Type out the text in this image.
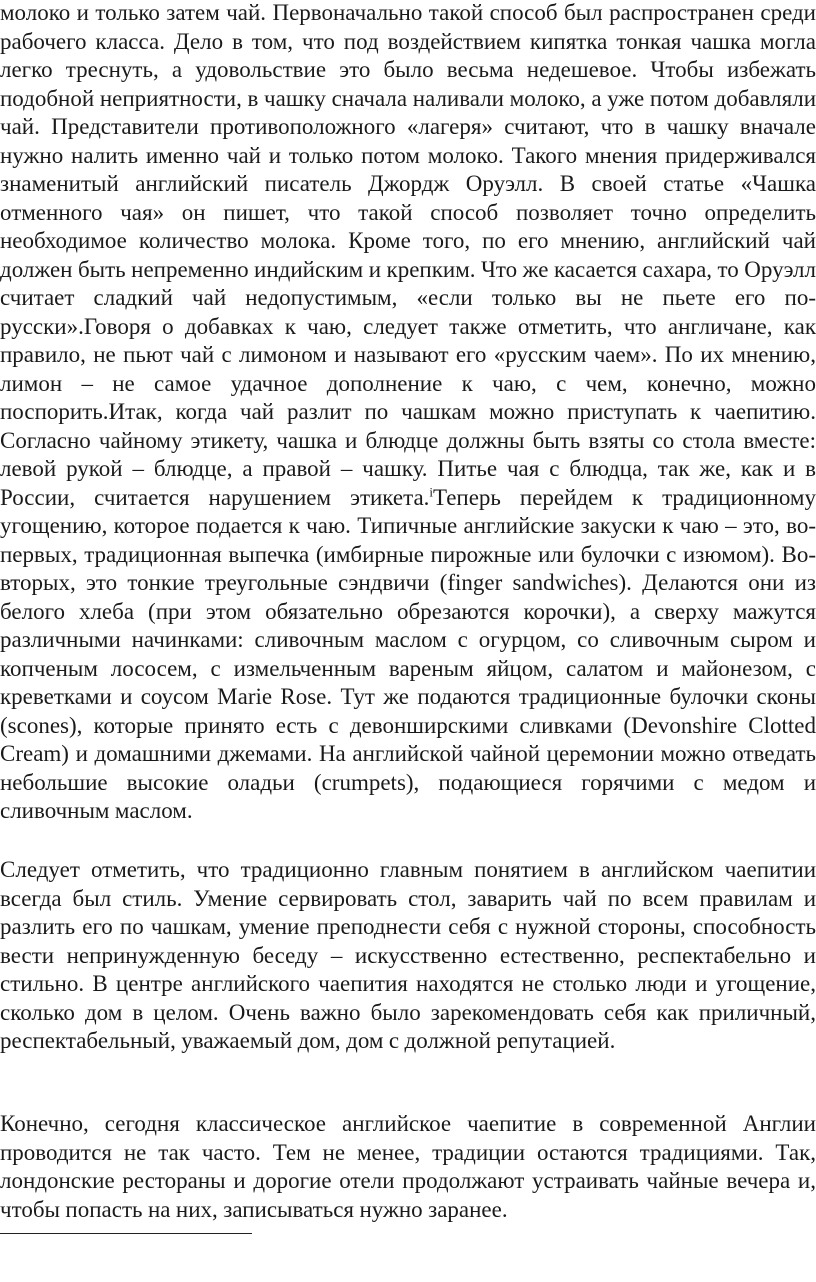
молоко и только затем чай. Первоначально такой способ был распространен среди рабочего класса. Дело в том, что под воздействием кипятка тонкая чашка могла легко треснуть, а удовольствие это было весьма недешевое. Чтобы избежать подобной неприятности, в чашку сначала наливали молоко, а уже потом добавляли чай. Представители противоположного «лагеря» считают, что в чашку вначале нужно налить именно чай и только потом молоко. Такого мнения придерживался знаменитый английский писатель Джордж Оруэлл. В своей статье «Чашка отменного чая» он пишет, что такой способ позволяет точно определить необходимое количество молока. Кроме того, по его мнению, английский чай должен быть непременно индийским и крепким. Что же касается сахара, то Оруэлл считает сладкий чай недопустимым, «если только вы не пьете его по-русски».Говоря о добавках к чаю, следует также отметить, что англичане, как правило, не пьют чай с лимоном и называют его «русским чаем». По их мнению, лимон – не самое удачное дополнение к чаю, с чем, конечно, можно поспорить.Итак, когда чай разлит по чашкам можно приступать к чаепитию. Согласно чайному этикету, чашка и блюдце должны быть взяты со стола вместе: левой рукой – блюдце, а правой – чашку. Питье чая с блюдца, так же, как и в России, считается нарушением этикета.$^i$Теперь перейдем к традиционному угощению, которое подается к чаю. Типичные английские закуски к чаю – это, во-первых, традиционная выпечка (имбирные пирожные или булочки с изюмом). Во-вторых, это тонкие треугольные сэндвичи (finger sandwiches). Делаются они из белого хлеба (при этом обязательно обрезаются корочки), а сверху мажутся различными начинками: сливочным маслом с огурцом, со сливочным сыром и копченым лососем, с измельченным вареным яйцом, салатом и майонезом, с креветками и соусом Marie Rose. Тут же подаются традиционные булочки сконы (scones), которые принято есть с девонширскими сливками (Devonshire Clotted Cream) и домашними джемами. На английской чайной церемонии можно отведать небольшие высокие оладьи (crumpets), подающиеся горячими с медом и сливочным маслом.

Следует отметить, что традиционно главным понятием в английском чаепитии всегда был стиль. Умение сервировать стол, заварить чай по всем правилам и разлить его по чашкам, умение преподнести себя с нужной стороны, способность вести непринужденную беседу – искусственно естественно, респектабельно и стильно. В центре английского чаепития находятся не столько люди и угощение, сколько дом в целом. Очень важно было зарекомендовать себя как приличный, респектабельный, уважаемый дом, дом с должной репутацией.

Конечно, сегодня классическое английское чаепитие в современной Англии проводится не так часто. Тем не менее, традиции остаются традициями. Так, лондонские рестораны и дорогие отели продолжают устраивать чайные вечера и, чтобы попасть на них, записываться нужно заранее.
